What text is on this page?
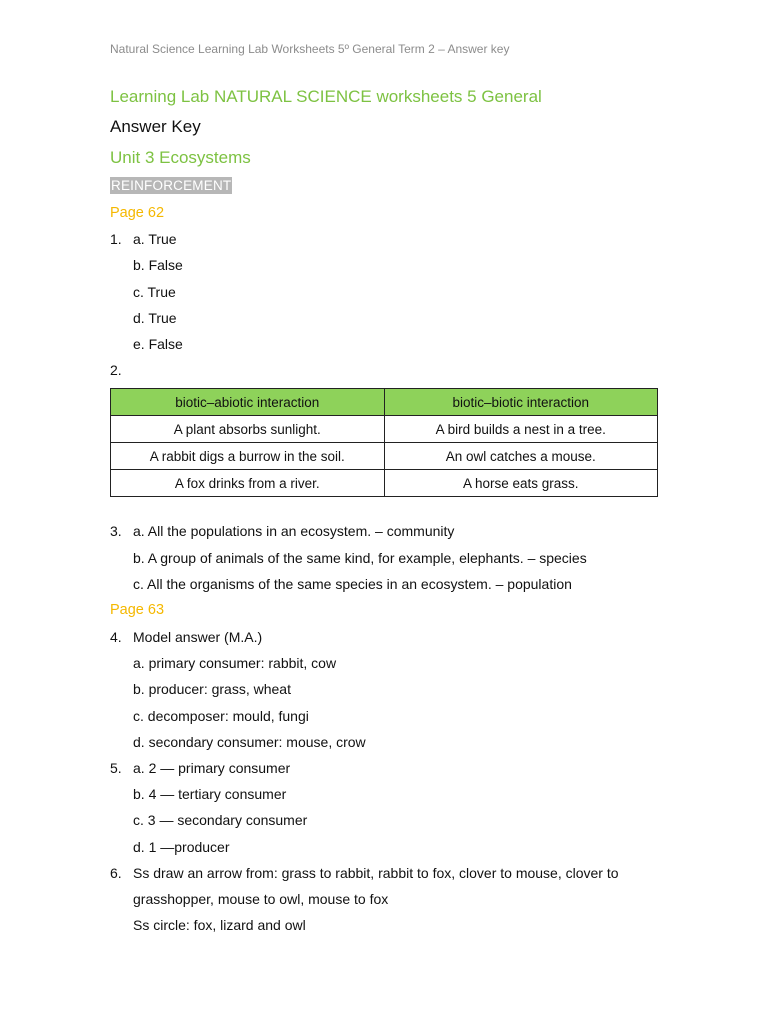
Natural Science Learning Lab Worksheets 5º General Term 2 – Answer key
Learning Lab NATURAL SCIENCE worksheets 5 General
Answer Key
Unit 3 Ecosystems
REINFORCEMENT
Page 62
1. a. True
b. False
c. True
d. True
e. False
2.
biotic–abiotic interaction	biotic–biotic interaction
A plant absorbs sunlight.	A bird builds a nest in a tree.
A rabbit digs a burrow in the soil.	An owl catches a mouse.
A fox drinks from a river.	A horse eats grass.
3. a. All the populations in an ecosystem. – community
b. A group of animals of the same kind, for example, elephants. – species
c. All the organisms of the same species in an ecosystem. – population
Page 63
4. Model answer (M.A.)
a. primary consumer: rabbit, cow
b. producer: grass, wheat
c. decomposer: mould, fungi
d. secondary consumer: mouse, crow
5. a. 2 — primary consumer
b. 4 — tertiary consumer
c. 3 — secondary consumer
d. 1 —producer
6. Ss draw an arrow from: grass to rabbit, rabbit to fox, clover to mouse, clover to
grasshopper, mouse to owl, mouse to fox
Ss circle: fox, lizard and owl
